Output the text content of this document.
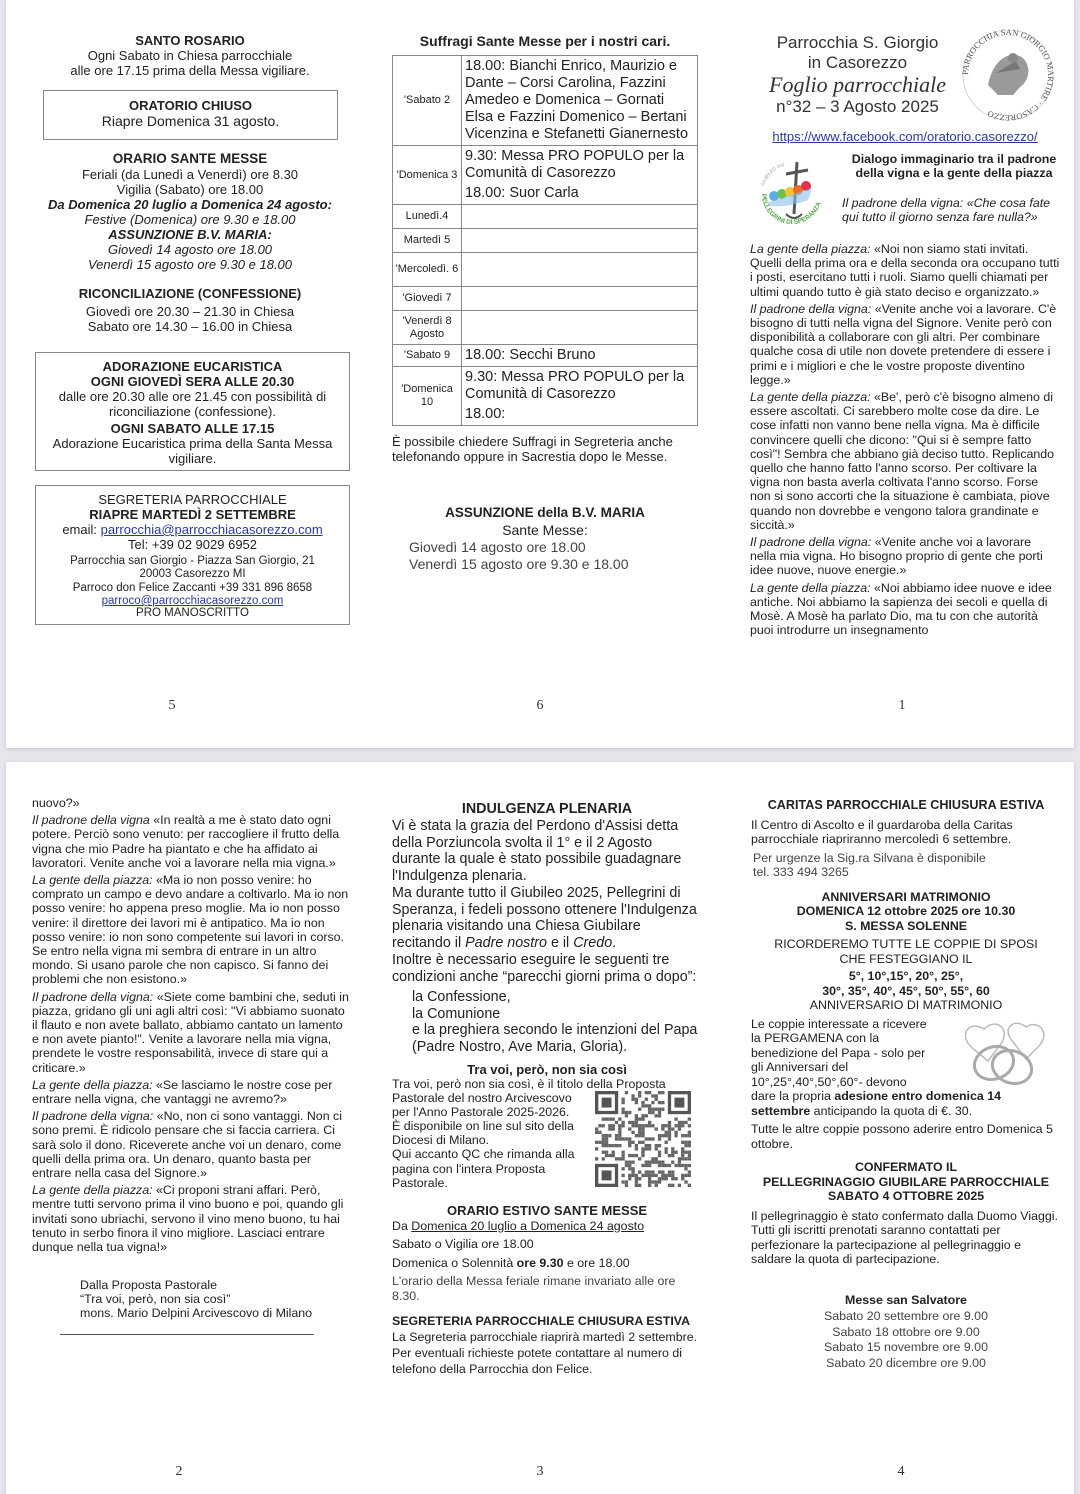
SANTO ROSARIO
Ogni Sabato in Chiesa parrocchiale
alle ore 17.15 prima della Messa vigiliare.
ORATORIO CHIUSO
Riapre Domenica 31 agosto.
ORARIO SANTE MESSE
Feriali (da Lunedì a Venerdì) ore 8.30
Vigilia (Sabato) ore 18.00
Da Domenica 20 luglio a Domenica 24 agosto:
Festive (Domenica) ore 9.30 e 18.00
ASSUNZIONE B.V. MARIA:
Giovedì 14 agosto ore 18.00
Venerdì 15 agosto ore 9.30 e 18.00
RICONCILIAZIONE (CONFESSIONE)
Giovedì ore 20.30 – 21.30 in Chiesa
Sabato ore 14.30 – 16.00 in Chiesa
ADORAZIONE EUCARISTICA
OGNI GIOVEDÌ SERA ALLE 20.30
dalle ore 20.30 alle ore 21.45 con possibilità di riconciliazione (confessione).
OGNI SABATO ALLE 17.15
Adorazione Eucaristica prima della Santa Messa vigiliare.
SEGRETERIA PARROCCHIALE
RIAPRE MARTEDÌ 2 SETTEMBRE
email: parrocchia@parrocchiacasorezzo.com
Tel: +39 02 9029 6952
Parrocchia san Giorgio - Piazza San Giorgio, 21
20003 Casorezzo MI
Parroco don Felice Zaccanti +39 331 896 8658
parroco@parrocchiacasorezzo.com
PRO MANOSCRITTO
5
Suffragi Sante Messe per i nostri cari.
'Sabato 2	18.00: Bianchi Enrico, Maurizio e Dante – Corsi Carolina, Fazzini Amedeo e Domenica – Gornati Elsa e Fazzini Domenico – Bertani Vicenzina e Stefanetti Gianernesto

'Domenica 3	9.30: Messa PRO POPULO per la Comunità di Casorezzo
18.00: Suor Carla

Lunedì.4	
Martedì 5	
'Mercoledì. 6	
'Giovedì 7	
'Venerdì 8 Agosto	
'Sabato 9	18.00: Secchi Bruno

'Domenica 10	9.30: Messa PRO POPULO per la Comunità di Casorezzo
18.00:
È possibile chiedere Suffragi in Segreteria anche telefonando oppure in Sacrestia dopo le Messe.
ASSUNZIONE della B.V. MARIA
Sante Messe:
Giovedì 14 agosto ore 18.00
Venerdì 15 agosto ore 9.30 e 18.00
6
Parrocchia S. Giorgio
in Casorezzo
Foglio parrocchiale
n°32 – 3 Agosto 2025
PARROCCHIA SAN GIORGIO MARTIRE · CASOREZZO
https://www.facebook.com/oratorio.casorezzo/
PELLEGRINI DI SPERANZA
GIUBILEO 202	Dialogo immaginario tra il padrone della vigna e la gente della piazza
Il padrone della vigna: «Che cosa fate qui tutto il giorno senza fare nulla?»

La gente della piazza: «Noi non siamo stati invitati. Quelli della prima ora e della seconda ora occupano tutti i posti, esercitano tutti i ruoli. Siamo quelli chiamati per ultimi quando tutto è già stato deciso e organizzato.»

Il padrone della vigna: «Venite anche voi a lavorare. C'è bisogno di tutti nella vigna del Signore. Venite però con disponibilità a collaborare con gli altri. Per combinare qualche cosa di utile non dovete pretendere di essere i primi e i migliori e che le vostre proposte diventino legge.»

La gente della piazza: «Be', però c'è bisogno almeno di essere ascoltati. Ci sarebbero molte cose da dire. Le cose infatti non vanno bene nella vigna. Ma è difficile convincere quelli che dicono: "Qui si è sempre fatto così"! Sembra che abbiano già deciso tutto. Replicando quello che hanno fatto l'anno scorso. Per coltivare la vigna non basta averla coltivata l'anno scorso. Forse non si sono accorti che la situazione è cambiata, piove quando non dovrebbe e vengono talora grandinate e siccità.»

Il padrone della vigna: «Venite anche voi a lavorare nella mia vigna. Ho bisogno proprio di gente che porti idee nuove, nuove energie.»

La gente della piazza: «Noi abbiamo idee nuove e idee antiche. Noi abbiamo la sapienza dei secoli e quella di Mosè. A Mosè ha parlato Dio, ma tu con che autorità puoi introdurre un insegnamento

1

nuovo?»

Il padrone della vigna «In realtà a me è stato dato ogni potere. Perciò sono venuto: per raccogliere il frutto della vigna che mio Padre ha piantato e che ha affidato ai lavoratori. Venite anche voi a lavorare nella mia vigna.»

La gente della piazza: «Ma io non posso venire: ho comprato un campo e devo andare a coltivarlo. Ma io non posso venire: ho appena preso moglie. Ma io non posso venire: il direttore dei lavori mi è antipatico. Ma io non posso venire: io non sono competente sui lavori in corso. Se entro nella vigna mi sembra di entrare in un altro mondo. Si usano parole che non capisco. Si fanno dei problemi che non esistono.»

Il padrone della vigna: «Siete come bambini che, seduti in piazza, gridano gli uni agli altri così: "Vi abbiamo suonato il flauto e non avete ballato, abbiamo cantato un lamento e non avete pianto!". Venite a lavorare nella mia vigna, prendete le vostre responsabilità, invece di stare qui a criticare.»

La gente della piazza: «Se lasciamo le nostre cose per entrare nella vigna, che vantaggi ne avremo?»

Il padrone della vigna: «No, non ci sono vantaggi. Non ci sono premi. È ridicolo pensare che si faccia carriera. Ci sarà solo il dono. Riceverete anche voi un denaro, come quelli della prima ora. Un denaro, quanto basta per entrare nella casa del Signore.»

La gente della piazza: «Ci proponi strani affari. Però, mentre tutti servono prima il vino buono e poi, quando gli invitati sono ubriachi, servono il vino meno buono, tu hai tenuto in serbo finora il vino migliore. Lasciaci entrare dunque nella tua vigna!»

Dalla Proposta Pastorale
“Tra voi, però, non sia così”
mons. Mario Delpini Arcivescovo di Milano
2
INDULGENZA PLENARIA

Vi è stata la grazia del Perdono d'Assisi detta della Porziuncola svolta il 1° e il 2 Agosto durante la quale è stato possibile guadagnare l'Indulgenza plenaria.

Ma durante tutto il Giubileo 2025, Pellegrini di Speranza, i fedeli possono ottenere l'Indulgenza plenaria visitando una Chiesa Giubilare recitando il Padre nostro e il Credo.

Inoltre è necessario eseguire le seguenti tre condizioni anche “parecchi giorni prima o dopo”:

la Confessione,
la Comunione
e la preghiera secondo le intenzioni del Papa (Padre Nostro, Ave Maria, Gloria).
Tra voi, però, non sia così
Tra voi, però non sia così, è il titolo della Proposta
Pastorale del nostro Arcivescovo
per l'Anno Pastorale 2025-2026.
È disponibile on line sul sito della
Diocesi di Milano.
Qui accanto QC che rimanda alla
pagina con l'intera Proposta
Pastorale.
ORARIO ESTIVO SANTE MESSE
Da Domenica 20 luglio a Domenica 24 agosto
Sabato o Vigilia ore 18.00
Domenica o Solennità ore 9.30 e ore 18.00
L'orario della Messa feriale rimane invariato alle ore 8.30.
SEGRETERIA PARROCCHIALE CHIUSURA ESTIVA
La Segreteria parrocchiale riaprirà martedì 2 settembre. Per eventuali richieste potete contattare al numero di telefono della Parrocchia don Felice.
3
CARITAS PARROCCHIALE CHIUSURA ESTIVA
Il Centro di Ascolto e il guardaroba della Caritas parrocchiale riapriranno mercoledì 6 settembre.
Per urgenze la Sig.ra Silvana è disponibile
tel. 333 494 3265
ANNIVERSARI MATRIMONIO
DOMENICA 12 ottobre 2025 ore 10.30
S. MESSA SOLENNE
RICORDEREMO TUTTE LE COPPIE DI SPOSI
CHE FESTEGGIANO IL
5°, 10°,15°, 20°, 25°,
30°, 35°, 40°, 45°, 50°, 55°, 60
ANNIVERSARIO DI MATRIMONIO
Le coppie interessate a ricevere
la PERGAMENA con la
benedizione del Papa - solo per
gli Anniversari del
10°,25°,40°,50°,60°- devono
dare la propria adesione entro domenica 14 settembre anticipando la quota di €. 30.
Tutte le altre coppie possono aderire entro Domenica 5 ottobre.
CONFERMATO IL
PELLEGRINAGGIO GIUBILARE PARROCCHIALE
SABATO 4 OTTOBRE 2025
Il pellegrinaggio è stato confermato dalla Duomo Viaggi. Tutti gli iscritti prenotati saranno contattati per perfezionare la partecipazione al pellegrinaggio e saldare la quota di partecipazione.
Messe san Salvatore
Sabato 20 settembre ore 9.00
Sabato 18 ottobre ore 9.00
Sabato 15 novembre ore 9.00
Sabato 20 dicembre ore 9.00
4
